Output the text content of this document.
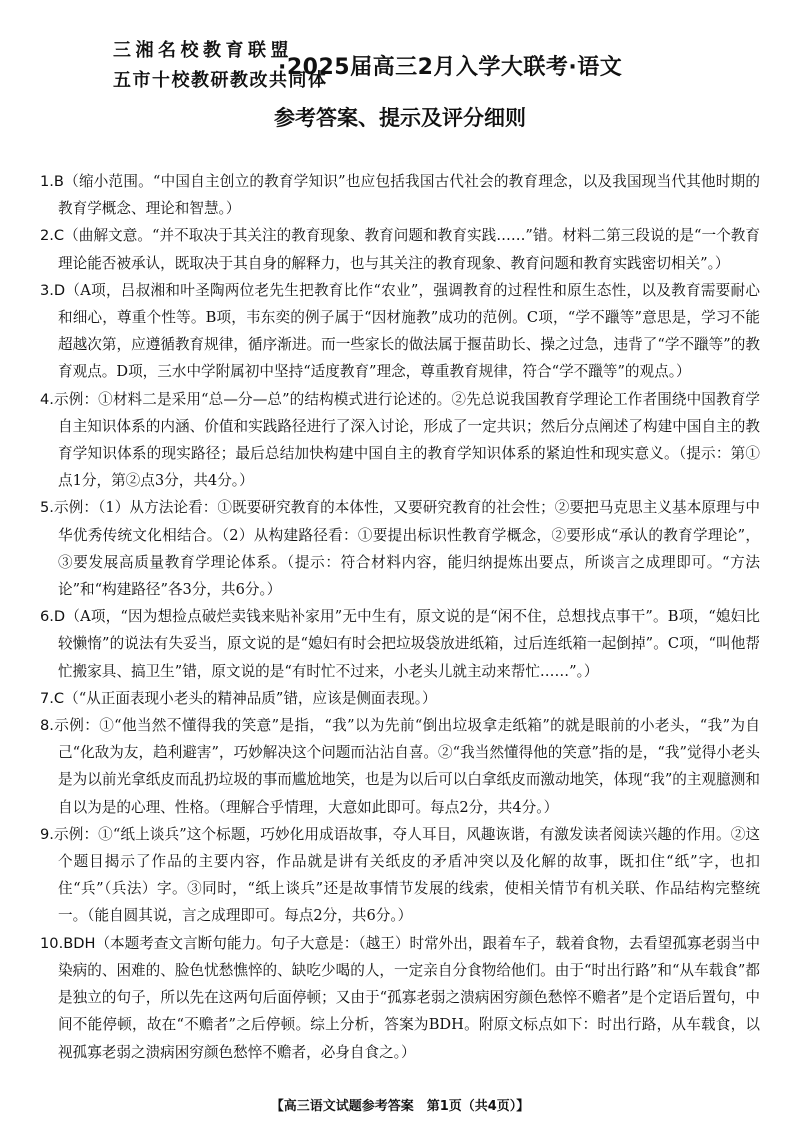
三湘名校教育联盟
五市十校教研教改共同体
·2025届高三2月入学大联考·语文
参考答案、提示及评分细则
1.B（缩小范围。“中国自主创立的教育学知识”也应包括我国古代社会的教育理念，以及我国现当代其他时期的教育学概念、理论和智慧。）
2.C（曲解文意。“并不取决于其关注的教育现象、教育问题和教育实践……”错。材料二第三段说的是“一个教育理论能否被承认，既取决于其自身的解释力，也与其关注的教育现象、教育问题和教育实践密切相关”。）
3.D（A项，吕叔湘和叶圣陶两位老先生把教育比作“农业”，强调教育的过程性和原生态性，以及教育需要耐心和细心，尊重个性等。B项，韦东奕的例子属于“因材施教”成功的范例。C项，“学不躐等”意思是，学习不能超越次第，应遵循教育规律，循序渐进。而一些家长的做法属于揠苗助长、操之过急，违背了“学不躐等”的教育观点。D项，三水中学附属初中坚持“适度教育”理念，尊重教育规律，符合“学不躐等”的观点。）
4.示例：①材料二是采用“总—分—总”的结构模式进行论述的。②先总说我国教育学理论工作者围绕中国教育学自主知识体系的内涵、价值和实践路径进行了深入讨论，形成了一定共识；然后分点阐述了构建中国自主的教育学知识体系的现实路径；最后总结加快构建中国自主的教育学知识体系的紧迫性和现实意义。（提示：第①点1分，第②点3分，共4分。）
5.示例：（1）从方法论看：①既要研究教育的本体性，又要研究教育的社会性；②要把马克思主义基本原理与中华优秀传统文化相结合。（2）从构建路径看：①要提出标识性教育学概念，②要形成“承认的教育学理论”，③要发展高质量教育学理论体系。（提示：符合材料内容，能归纳提炼出要点，所谈言之成理即可。“方法论”和“构建路径”各3分，共6分。）
6.D（A项，“因为想捡点破烂卖钱来贴补家用”无中生有，原文说的是“闲不住，总想找点事干”。B项，“媳妇比较懒惰”的说法有失妥当，原文说的是“媳妇有时会把垃圾袋放进纸箱，过后连纸箱一起倒掉”。C项，“叫他帮忙搬家具、搞卫生”错，原文说的是“有时忙不过来，小老头儿就主动来帮忙……”。）
7.C（“从正面表现小老头的精神品质”错，应该是侧面表现。）
8.示例：①“他当然不懂得我的笑意”是指，“我”以为先前“倒出垃圾拿走纸箱”的就是眼前的小老头，“我”为自己“化敌为友，趋利避害”，巧妙解决这个问题而沾沾自喜。②“我当然懂得他的笑意”指的是，“我”觉得小老头是为以前光拿纸皮而乱扔垃圾的事而尴尬地笑，也是为以后可以白拿纸皮而激动地笑，体现“我”的主观臆测和自以为是的心理、性格。（理解合乎情理，大意如此即可。每点2分，共4分。）
9.示例：①“纸上谈兵”这个标题，巧妙化用成语故事，夺人耳目，风趣诙谐，有激发读者阅读兴趣的作用。②这个题目揭示了作品的主要内容，作品就是讲有关纸皮的矛盾冲突以及化解的故事，既扣住“纸”字，也扣住“兵”（兵法）字。③同时，“纸上谈兵”还是故事情节发展的线索，使相关情节有机关联、作品结构完整统一。（能自圆其说，言之成理即可。每点2分，共6分。）
10.BDH（本题考查文言断句能力。句子大意是：（越王）时常外出，跟着车子，载着食物，去看望孤寡老弱当中染病的、困难的、脸色忧愁憔悴的、缺吃少喝的人，一定亲自分食物给他们。由于“时出行路”和“从车载食”都是独立的句子，所以先在这两句后面停顿；又由于“孤寡老弱之溃病困穷颜色愁悴不赡者”是个定语后置句，中间不能停顿，故在“不赡者”之后停顿。综上分析，答案为BDH。附原文标点如下：时出行路，从车载食，以视孤寡老弱之溃病困穷颜色愁悴不赡者，必身自食之。）
【高三语文试题参考答案　第1页（共4页）】
